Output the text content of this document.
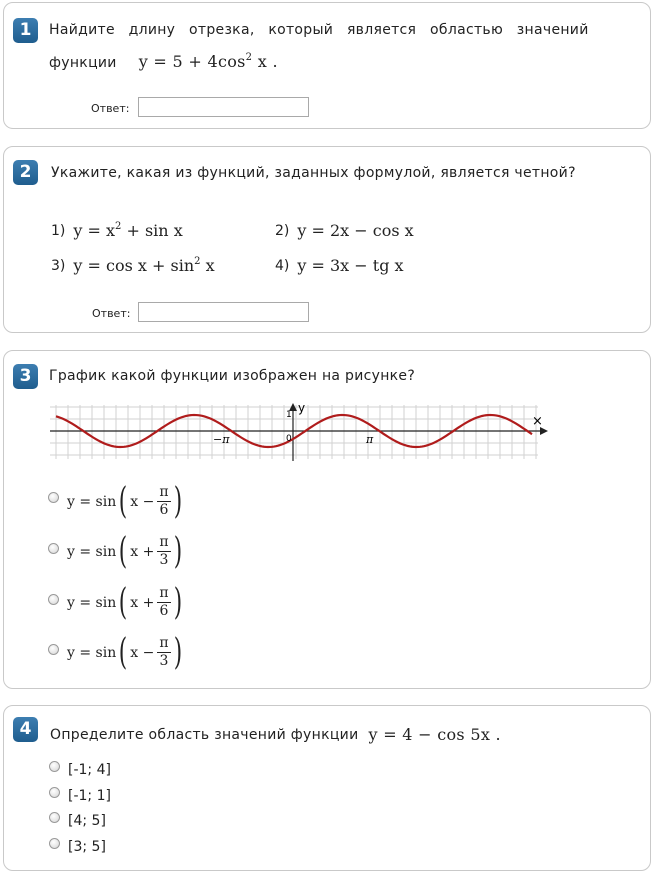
1	Найдите длину отрезка, который является областью значений
функции $y = 5 + 4\cos^2$ x .
Ответ:
2	Укажите, какая из функций, заданных формулой, является четной?
1) $y = x^2 + \sin x$	2) y = 2x − cos x
3) $y = \cos x + \sin^2 x$	4) y = 3x − tg x
Ответ:
3	График какой функции изображен на рисунке?
y
×
−π	0	π
1
y = sin ( $x - \frac{\pi}{6}$ )
y = sin ( $x + \frac{\pi}{3}$ )
y = sin ( $x + \frac{\pi}{6}$ )
y = sin ( $x - \frac{\pi}{3}$ )
4	Определите область значений функции y = 4 − cos 5x .
[-1; 4]
[-1; 1]
[4; 5]
[3; 5]
